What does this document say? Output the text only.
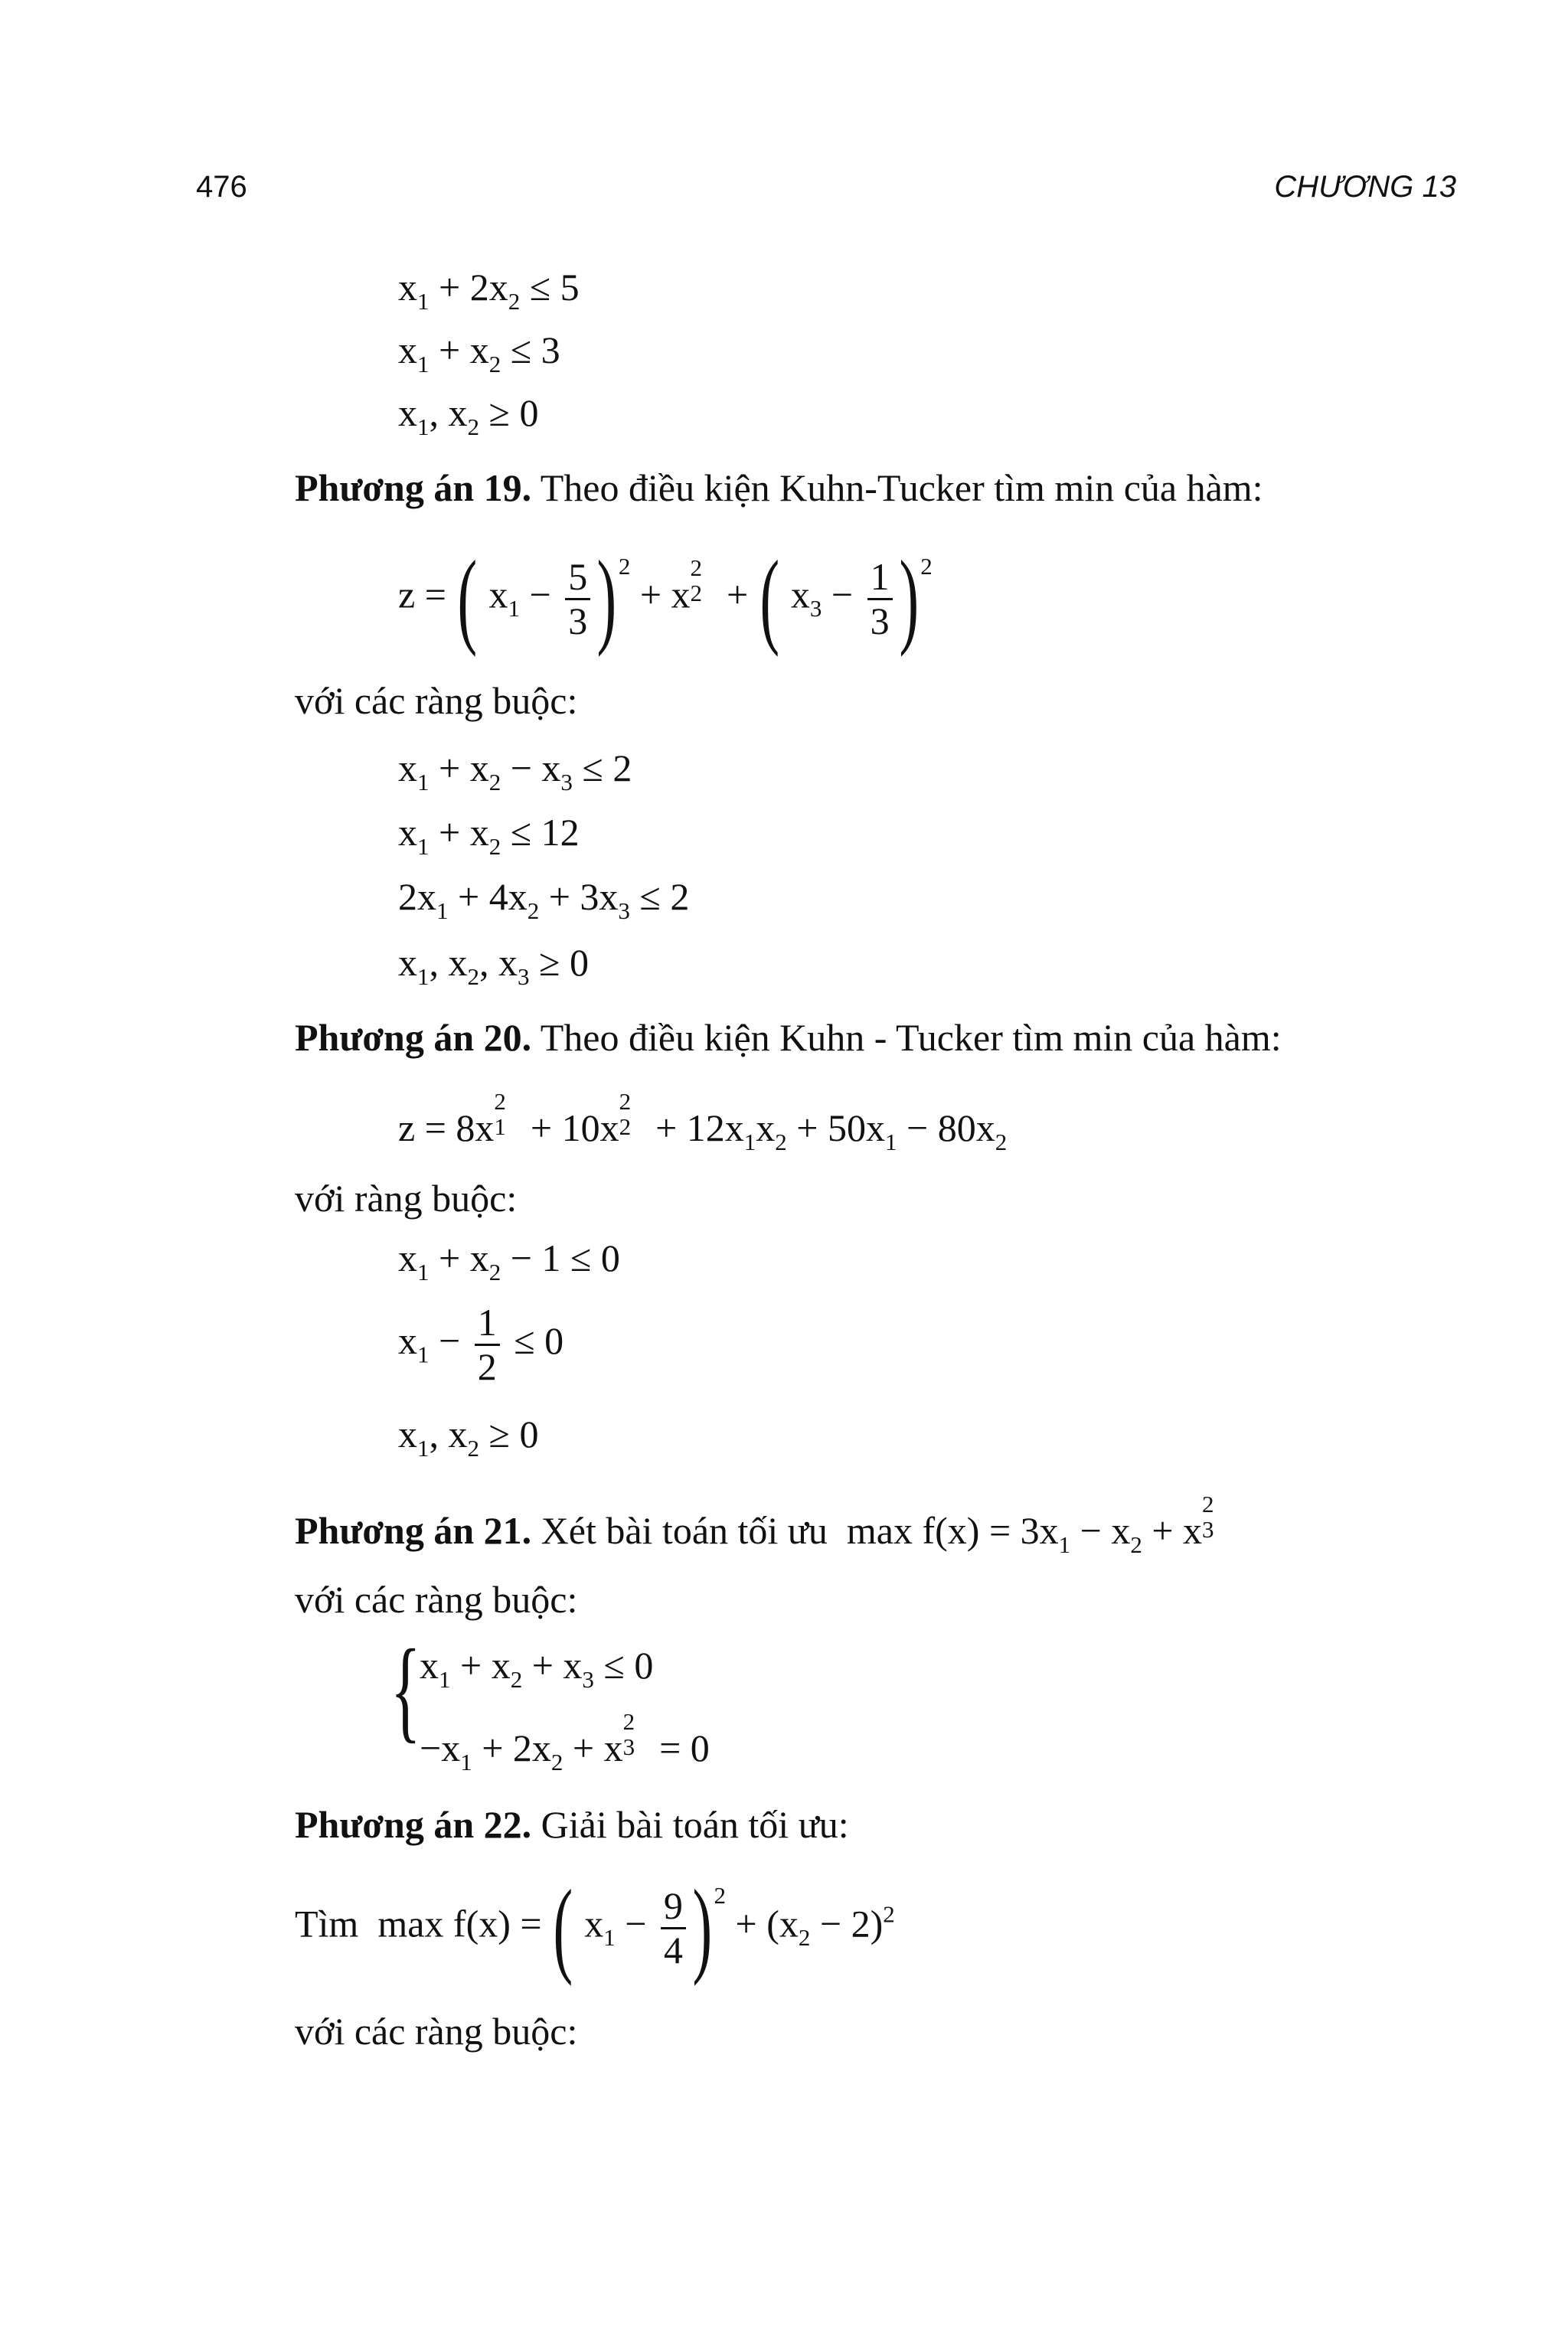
476	CHƯƠNG 13
$x_1 + 2x_2 \le 5$
$x_1 + x_2 \le 3$
$x_1$, $x_2 \ge 0$
Phương án 19. Theo điều kiện Kuhn-Tucker tìm min của hàm:
z = ( $x_1 - \frac{5}{3} )^2 + x$
2
2 + ( $x_3 - \frac{1}{3} )^2$
với các ràng buộc:
$x_1 + x_2 - x_3 \le 2$
$x_1 + x_2 \le 12$
$2x_1 + 4x_2 + 3x_3 \le 2$
$x_1$, $x_2$, $x_3 \ge 0$
Phương án 20. Theo điều kiện Kuhn - Tucker tìm min của hàm:
z = 8x
2
1 + 10x
2
$2 + 12x_1x_2 + 50x_1 - 80x_2$
với ràng buộc:
$x_1 + x_2 - 1 \le 0$
$x_1 - \frac{1}{2} \le 0$
$x_1$, $x_2 \ge 0$
Phương án 21. Xét bài toán tối ưu  $\max f(x) = 3x_1 - x_2 + x$
2
3
với các ràng buộc:
{
$x_1 + x_2 + x_3 \le 0$
$-x_1 + 2x_2 + x$
2
3 = 0
Phương án 22. Giải bài toán tối ưu:
Tìm  max f(x) = ( $x_1 - \frac{9}{4} )^2 + (x_2 - 2)^2$
với các ràng buộc:
